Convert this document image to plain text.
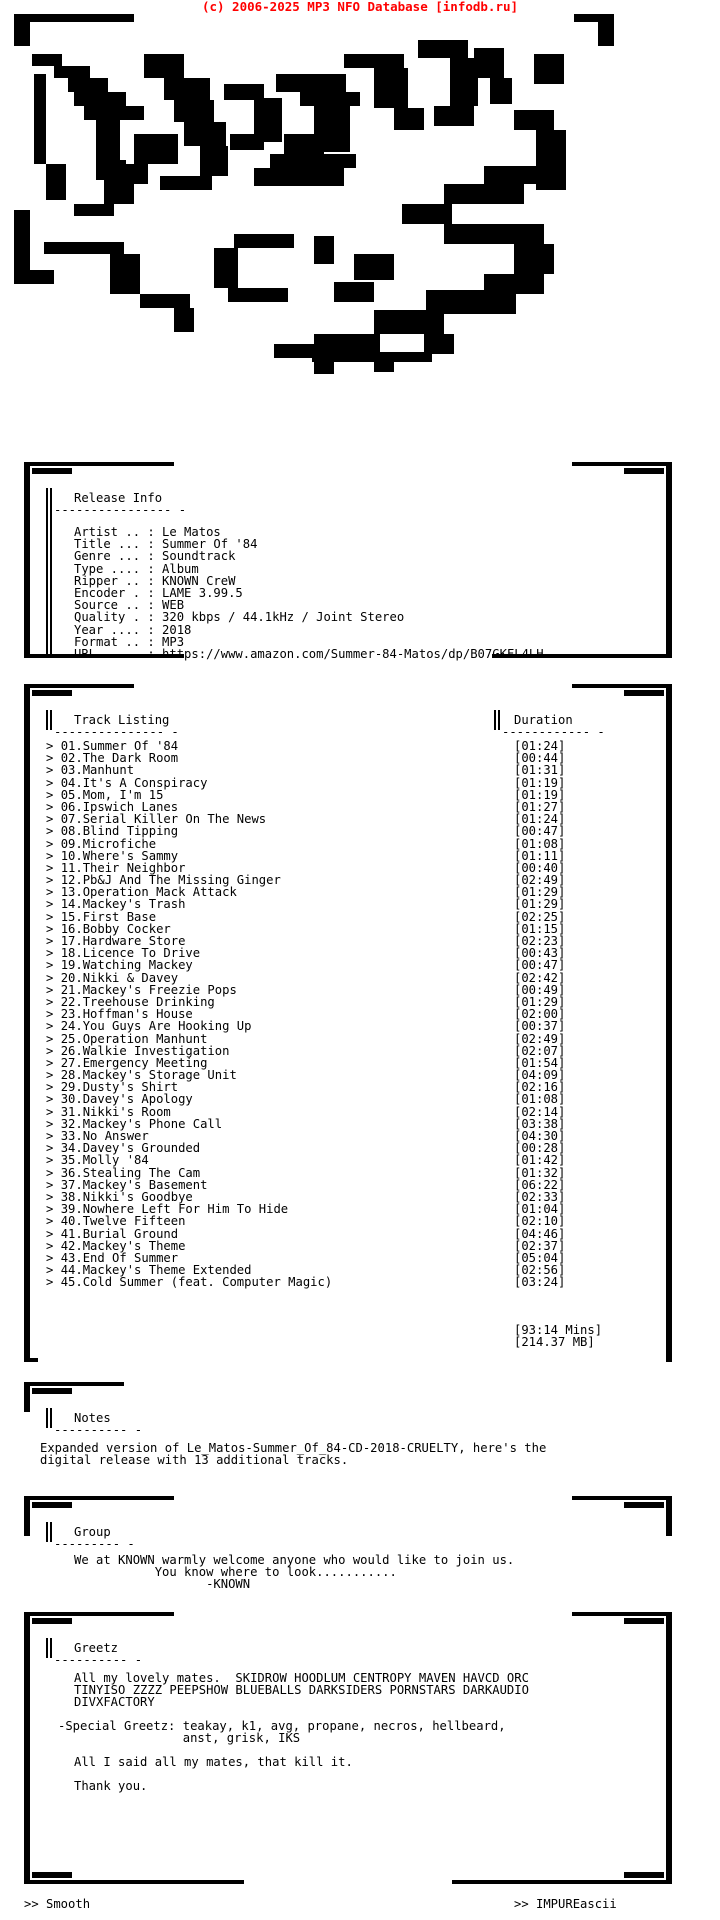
(c) 2006-2025 MP3 NFO Database [infodb.ru]
sM
Release Info
---------------- -
Artist .. : Le Matos
Title ... : Summer Of '84
Genre ... : Soundtrack
Type .... : Album
Ripper .. : KNOWN CreW
Encoder . : LAME 3.99.5
Source .. : WEB
Quality . : 320 kbps / 44.1kHz / Joint Stereo
Year .... : 2018
Format .. : MP3
URL ..... : https://www.amazon.com/Summer-84-Matos/dp/B07GKFL4LH
Track Listing
--------------- -
Duration
------------ -
> 01.Summer Of '84	[01:24]
> 02.The Dark Room	[00:44]
> 03.Manhunt	[01:31]
> 04.It's A Conspiracy	[01:19]
> 05.Mom, I'm 15	[01:19]
> 06.Ipswich Lanes	[01:27]
> 07.Serial Killer On The News	[01:24]
> 08.Blind Tipping	[00:47]
> 09.Microfiche	[01:08]
> 10.Where's Sammy	[01:11]
> 11.Their Neighbor	[00:40]
> 12.Pb&J And The Missing Ginger	[02:49]
> 13.Operation Mack Attack	[01:29]
> 14.Mackey's Trash	[01:29]
> 15.First Base	[02:25]
> 16.Bobby Cocker	[01:15]
> 17.Hardware Store	[02:23]
> 18.Licence To Drive	[00:43]
> 19.Watching Mackey	[00:47]
> 20.Nikki & Davey	[02:42]
> 21.Mackey's Freezie Pops	[00:49]
> 22.Treehouse Drinking	[01:29]
> 23.Hoffman's House	[02:00]
> 24.You Guys Are Hooking Up	[00:37]
> 25.Operation Manhunt	[02:49]
> 26.Walkie Investigation	[02:07]
> 27.Emergency Meeting	[01:54]
> 28.Mackey's Storage Unit	[04:09]
> 29.Dusty's Shirt	[02:16]
> 30.Davey's Apology	[01:08]
> 31.Nikki's Room	[02:14]
> 32.Mackey's Phone Call	[03:38]
> 33.No Answer	[04:30]
> 34.Davey's Grounded	[00:28]
> 35.Molly '84	[01:42]
> 36.Stealing The Cam	[01:32]
> 37.Mackey's Basement	[06:22]
> 38.Nikki's Goodbye	[02:33]
> 39.Nowhere Left For Him To Hide	[01:04]
> 40.Twelve Fifteen	[02:10]
> 41.Burial Ground	[04:46]
> 42.Mackey's Theme	[02:37]
> 43.End Of Summer	[05:04]
> 44.Mackey's Theme Extended	[02:56]
> 45.Cold Summer (feat. Computer Magic)	[03:24]
[93:14 Mins]
[214.37 MB]
Notes
---------- -
Expanded version of Le_Matos-Summer_Of_84-CD-2018-CRUELTY, here's the
digital release with 13 additional tracks.
Group
--------- -
We at KNOWN warmly welcome anyone who would like to join us.
You know where to look...........
-KNOWN
Greetz
---------- -
All my lovely mates.  SKIDROW HOODLUM CENTROPY MAVEN HAVCD ORC
TINYISO ZZZZ PEEPSHOW BLUEBALLS DARKSIDERS PORNSTARS DARKAUDIO
DIVXFACTORY
-Special Greetz: teakay, k1, avg, propane, necros, hellbeard,
anst, grisk, IKS
All I said all my mates, that kill it.
Thank you.
>> Smooth	>> IMPUREascii
